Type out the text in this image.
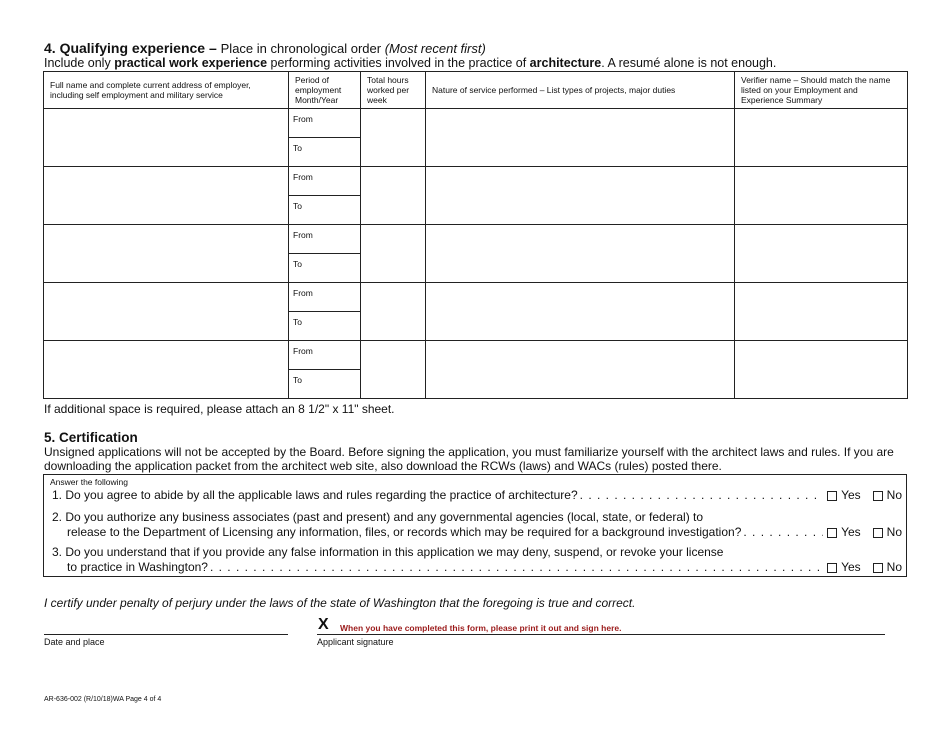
4. Qualifying experience – Place in chronological order (Most recent first)
Include only practical work experience performing activities involved in the practice of architecture. A resumé alone is not enough.
Full name and complete current address of employer, including self employment and military service	Period of employment Month/Year	Total hours worked per week	Nature of service performed – List types of projects, major duties	Verifier name – Should match the name listed on your Employment and Experience Summary
	From			
	To			
	From			
	To			
	From			
	To			
	From			
	To			
	From			
	To			
If additional space is required, please attach an 8 1/2" x 11" sheet.
5. Certification
Unsigned applications will not be accepted by the Board. Before signing the application, you must familiarize yourself with the architect laws and rules. If you are downloading the application packet from the architect web site, also download the RCWs (laws) and WACs (rules) posted there.
Answer the following
1. Do you agree to abide by all the applicable laws and rules regarding the practice of architecture? . . .	Yes No
2. Do you authorize any business associates (past and present) and any governmental agencies (local, state, or federal) to
release to the Department of Licensing any information, files, or records which may be required for a background investigation? . . .	Yes No
3. Do you understand that if you provide any false information in this application we may deny, suspend, or revoke your license
to practice in Washington? . . .	Yes No
I certify under penalty of perjury under the laws of the state of Washington that the foregoing is true and correct.
Date and place
X When you have completed this form, please print it out and sign here.
Applicant signature
AR-636-002 (R/10/18)WA Page 4 of 4
